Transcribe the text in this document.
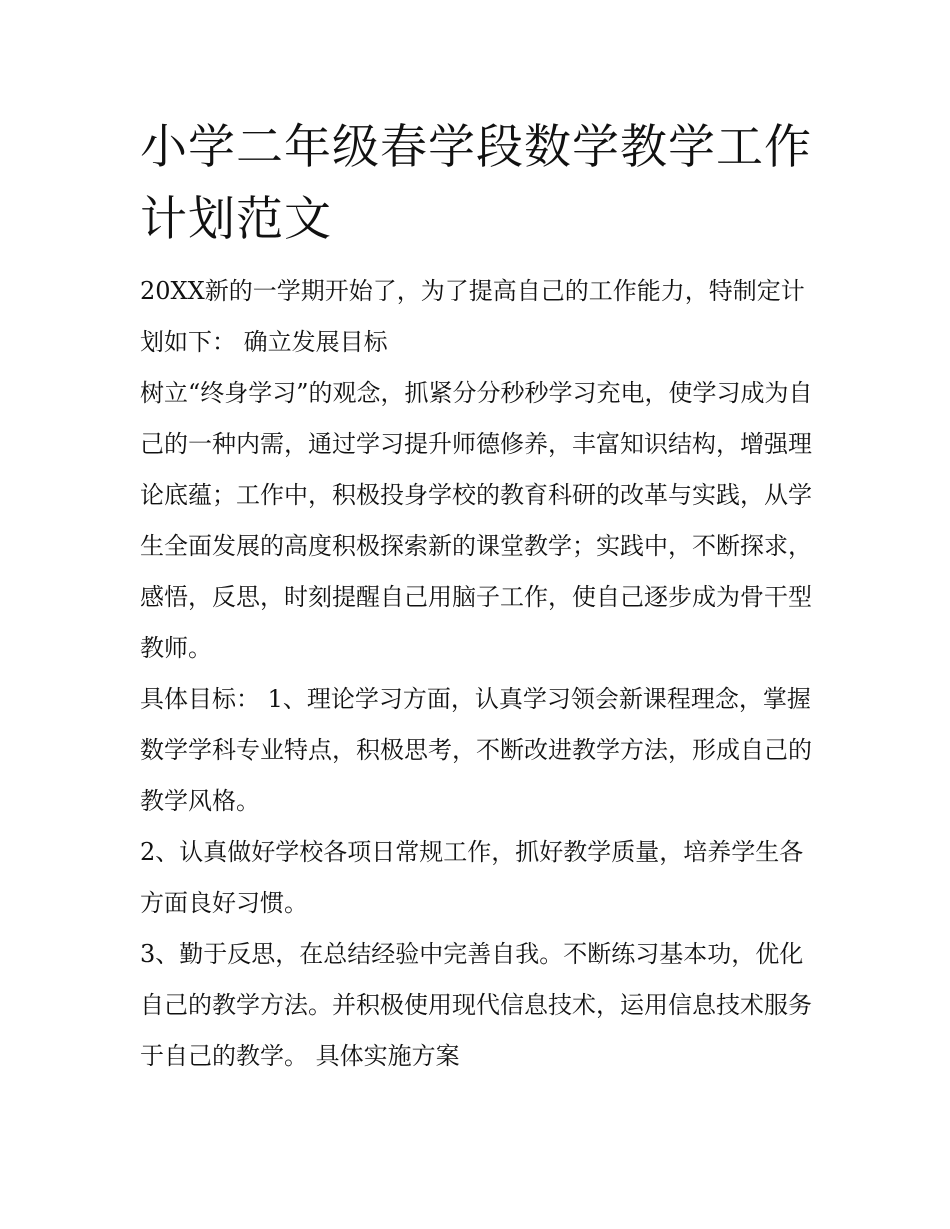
小学二年级春学段数学教学工作计划范文

20XX新的一学期开始了，为了提高自己的工作能力，特制定计划如下： 确立发展目标

树立“终身学习”的观念，抓紧分分秒秒学习充电，使学习成为自己的一种内需，通过学习提升师德修养，丰富知识结构，增强理论底蕴；工作中，积极投身学校的教育科研的改革与实践，从学生全面发展的高度积极探索新的课堂教学；实践中，不断探求，感悟，反思，时刻提醒自己用脑子工作，使自己逐步成为骨干型教师。

具体目标： 1、理论学习方面，认真学习领会新课程理念，掌握数学学科专业特点，积极思考，不断改进教学方法，形成自己的教学风格。

2、认真做好学校各项日常规工作，抓好教学质量，培养学生各方面良好习惯。

3、勤于反思，在总结经验中完善自我。不断练习基本功，优化自己的教学方法。并积极使用现代信息技术，运用信息技术服务于自己的教学。 具体实施方案
